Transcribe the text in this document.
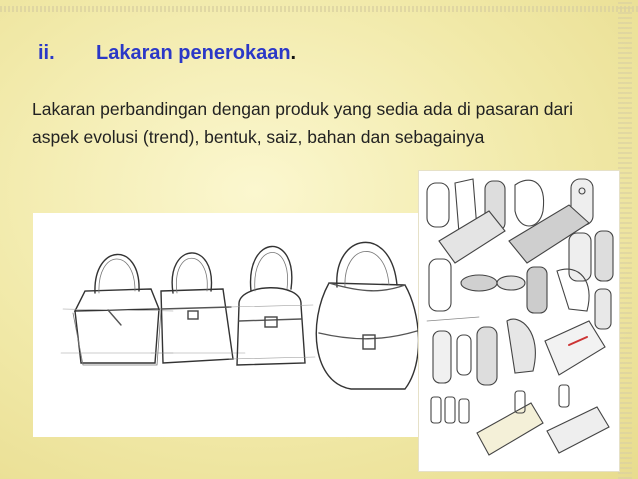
ii. Lakaran penerokaan.

Lakaran perbandingan dengan produk yang sedia ada di pasaran dari aspek evolusi (trend), bentuk, saiz, bahan dan sebagainya
